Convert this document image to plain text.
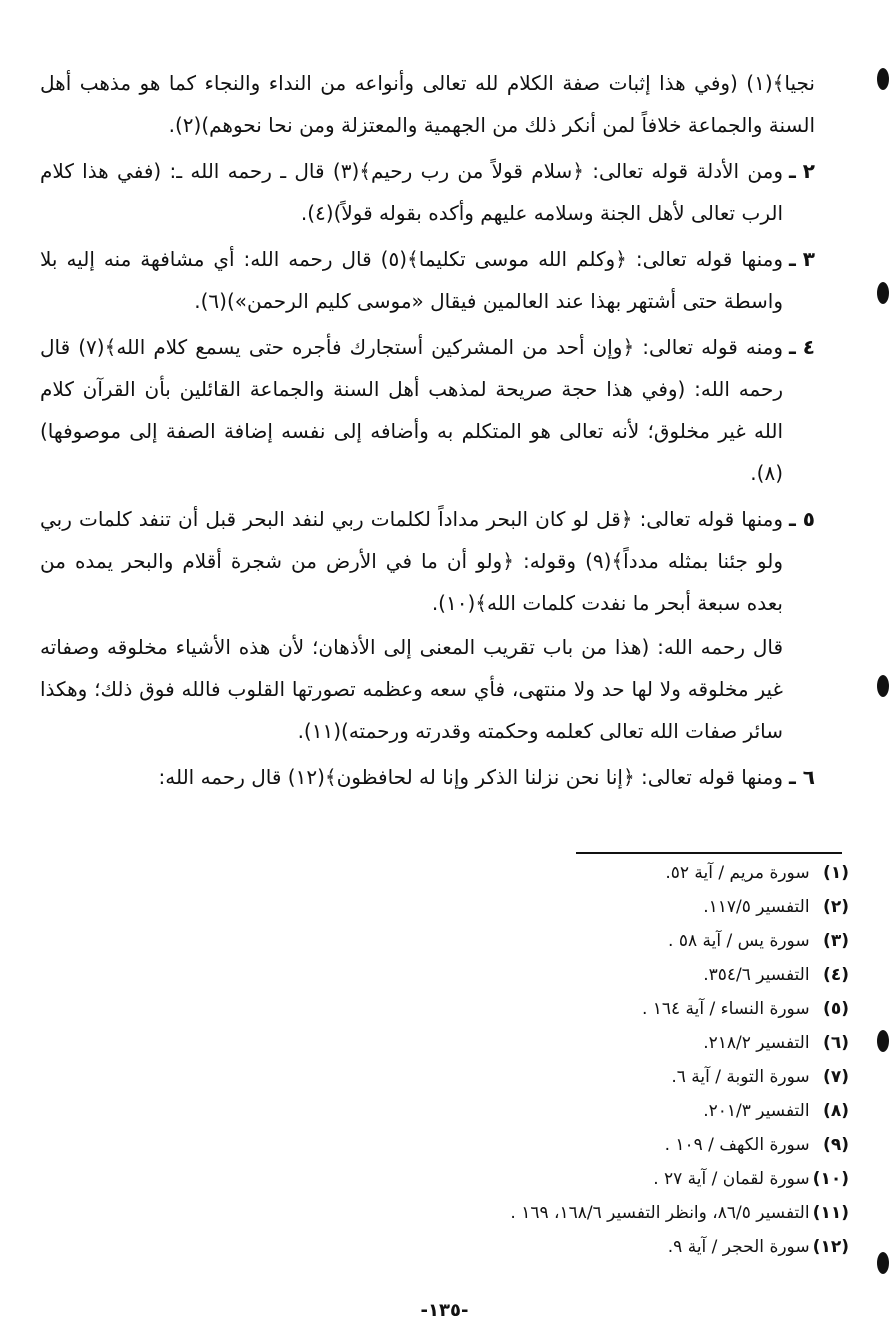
نجيا﴾(١) (وفي هذا إثبات صفة الكلام لله تعالى وأنواعه من النداء والنجاء كما هو مذهب أهل السنة والجماعة خلافاً لمن أنكر ذلك من الجهمية والمعتزلة ومن نحا نحوهم)(٢).

٢ ـ
ومن الأدلة قوله تعالى: ﴿سلام قولاً من رب رحيم﴾(٣) قال ـ رحمه الله ـ: (ففي هذا كلام الرب تعالى لأهل الجنة وسلامه عليهم وأكده بقوله قولاً)(٤).
٣ ـ
ومنها قوله تعالى: ﴿وكلم الله موسى تكليما﴾(٥) قال رحمه الله: أي مشافهة منه إليه بلا واسطة حتى أشتهر بهذا عند العالمين فيقال «موسى كليم الرحمن»)(٦).
٤ ـ
ومنه قوله تعالى: ﴿وإن أحد من المشركين أستجارك فأجره حتى يسمع كلام الله﴾(٧) قال رحمه الله: (وفي هذا حجة صريحة لمذهب أهل السنة والجماعة القائلين بأن القرآن كلام الله غير مخلوق؛ لأنه تعالى هو المتكلم به وأضافه إلى نفسه إضافة الصفة إلى موصوفها)(٨).
٥ ـ
ومنها قوله تعالى: ﴿قل لو كان البحر مداداً لكلمات ربي لنفد البحر قبل أن تنفد كلمات ربي ولو جئنا بمثله مدداً﴾(٩) وقوله: ﴿ولو أن ما في الأرض من شجرة أقلام والبحر يمده من بعده سبعة أبحر ما نفدت كلمات الله﴾(١٠).
قال رحمه الله: (هذا من باب تقريب المعنى إلى الأذهان؛ لأن هذه الأشياء مخلوقه وصفاته غير مخلوقه ولا لها حد ولا منتهى، فأي سعه وعظمه تصورتها القلوب فالله فوق ذلك؛ وهكذا سائر صفات الله تعالى كعلمه وحكمته وقدرته ورحمته)(١١).
٦ ـ
ومنها قوله تعالى: ﴿إنا نحن نزلنا الذكر وإنا له لحافظون﴾(١٢) قال رحمه الله:
(١) سورة مريم / آية ٥٢.
(٢) التفسير ١١٧/٥.
(٣) سورة يس / آية ٥٨ .
(٤) التفسير ٣٥٤/٦.
(٥) سورة النساء / آية ١٦٤ .
(٦) التفسير ٢١٨/٢.
(٧) سورة التوبة / آية ٦.
(٨) التفسير ٢٠١/٣.
(٩) سورة الكهف / ١٠٩ .
(١٠) سورة لقمان / آية ٢٧ .
(١١) التفسير ٨٦/٥، وانظر التفسير ١٦٨/٦، ١٦٩ .
(١٢) سورة الحجر / آية ٩.
-١٣٥-
